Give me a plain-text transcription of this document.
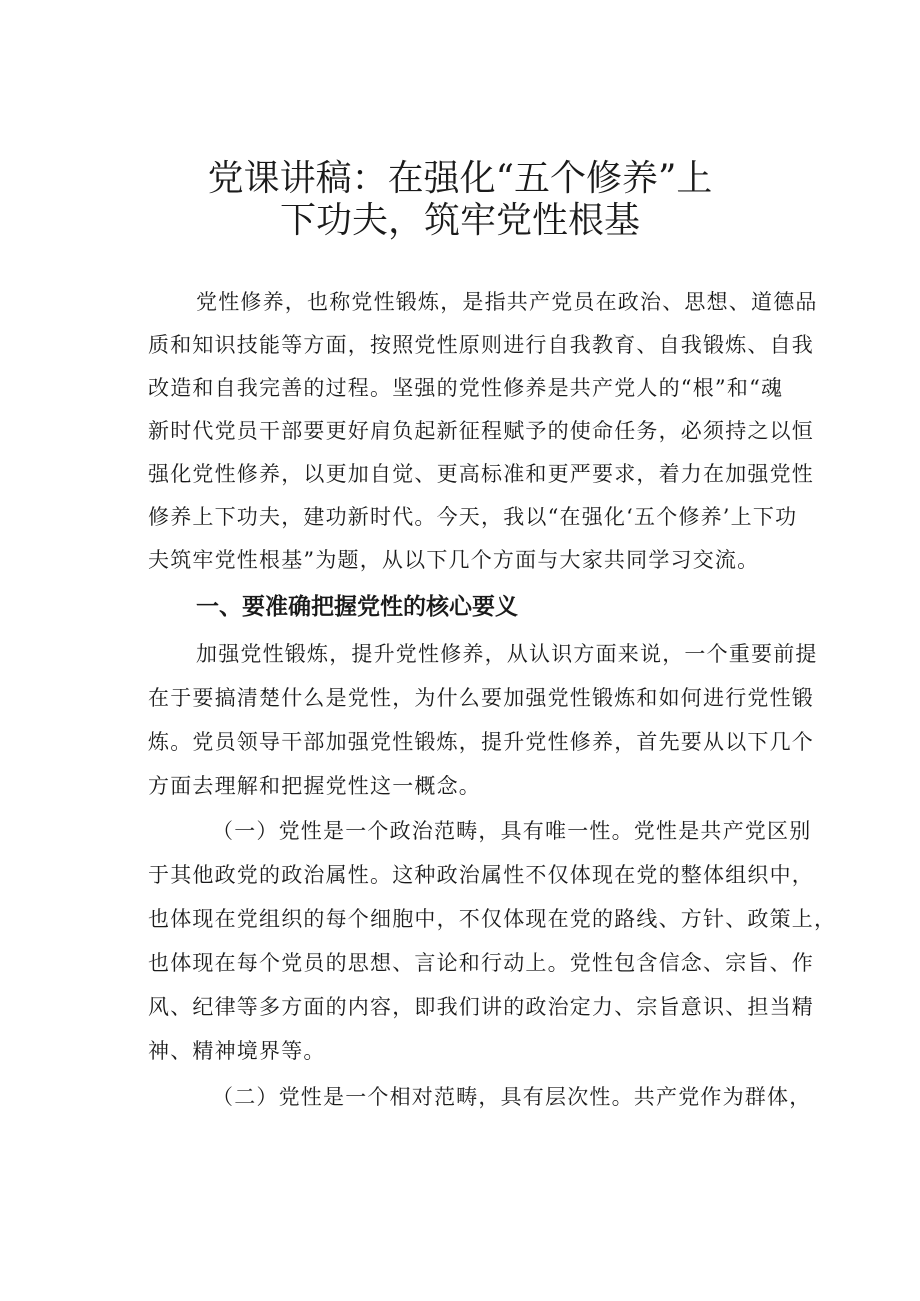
党课讲稿：在强化“五个修养”上
下功夫，筑牢党性根基
党性修养，也称党性锻炼，是指共产党员在政治、思想、道德品
质和知识技能等方面，按照党性原则进行自我教育、自我锻炼、自我
改造和自我完善的过程。坚强的党性修养是共产党人的“根”和“魂
新时代党员干部要更好肩负起新征程赋予的使命任务，必须持之以恒
强化党性修养，以更加自觉、更高标准和更严要求，着力在加强党性
修养上下功夫，建功新时代。今天，我以“在强化‘五个修养’上下功
夫筑牢党性根基”为题，从以下几个方面与大家共同学习交流。
一、要准确把握党性的核心要义
加强党性锻炼，提升党性修养，从认识方面来说，一个重要前提
在于要搞清楚什么是党性，为什么要加强党性锻炼和如何进行党性锻
炼。党员领导干部加强党性锻炼，提升党性修养，首先要从以下几个
方面去理解和把握党性这一概念。
（一）党性是一个政治范畴，具有唯一性。党性是共产党区别
于其他政党的政治属性。这种政治属性不仅体现在党的整体组织中，
也体现在党组织的每个细胞中，不仅体现在党的路线、方针、政策上，
也体现在每个党员的思想、言论和行动上。党性包含信念、宗旨、作
风、纪律等多方面的内容，即我们讲的政治定力、宗旨意识、担当精
神、精神境界等。
（二）党性是一个相对范畴，具有层次性。共产党作为群体，
